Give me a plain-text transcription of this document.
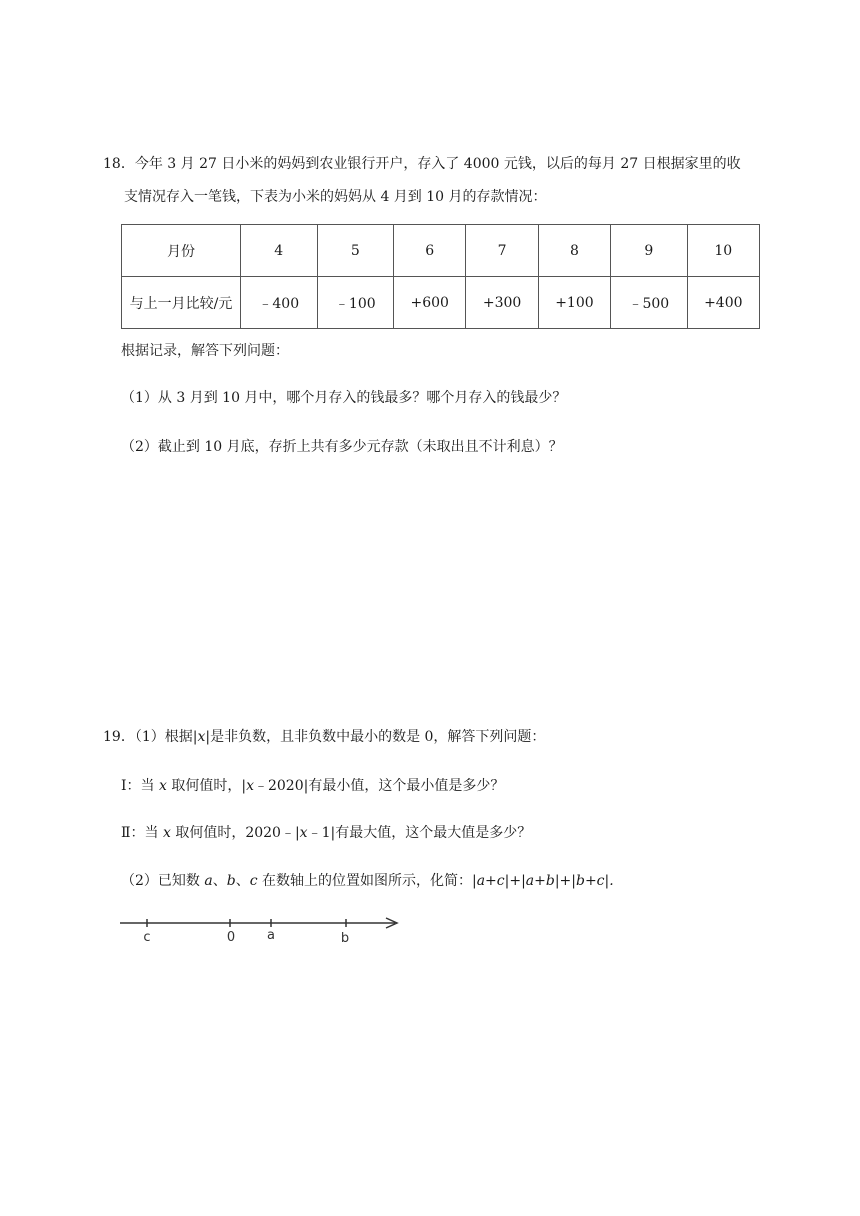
18．今年 3 月 27 日小米的妈妈到农业银行开户，存入了 4000 元钱，以后的每月 27 日根据家里的收
支情况存入一笔钱，下表为小米的妈妈从 4 月到 10 月的存款情况：
月份	4	5	6	7	8	9	10
与上一月比较/元	﹣400	﹣100	+600	+300	+100	﹣500	+400
根据记录，解答下列问题：
（1）从 3 月到 10 月中，哪个月存入的钱最多？哪个月存入的钱最少？
（2）截止到 10 月底，存折上共有多少元存款（未取出且不计利息）？
19．（1）根据|x|是非负数，且非负数中最小的数是 0，解答下列问题：
Ⅰ：当 x 取何值时，|x﹣2020|有最小值，这个最小值是多少？
Ⅱ：当 x 取何值时，2020﹣|x﹣1|有最大值，这个最大值是多少？
（2）已知数 a、b、c 在数轴上的位置如图所示，化简：|a+c|+|a+b|+|b+c|.
c	0 a	b
